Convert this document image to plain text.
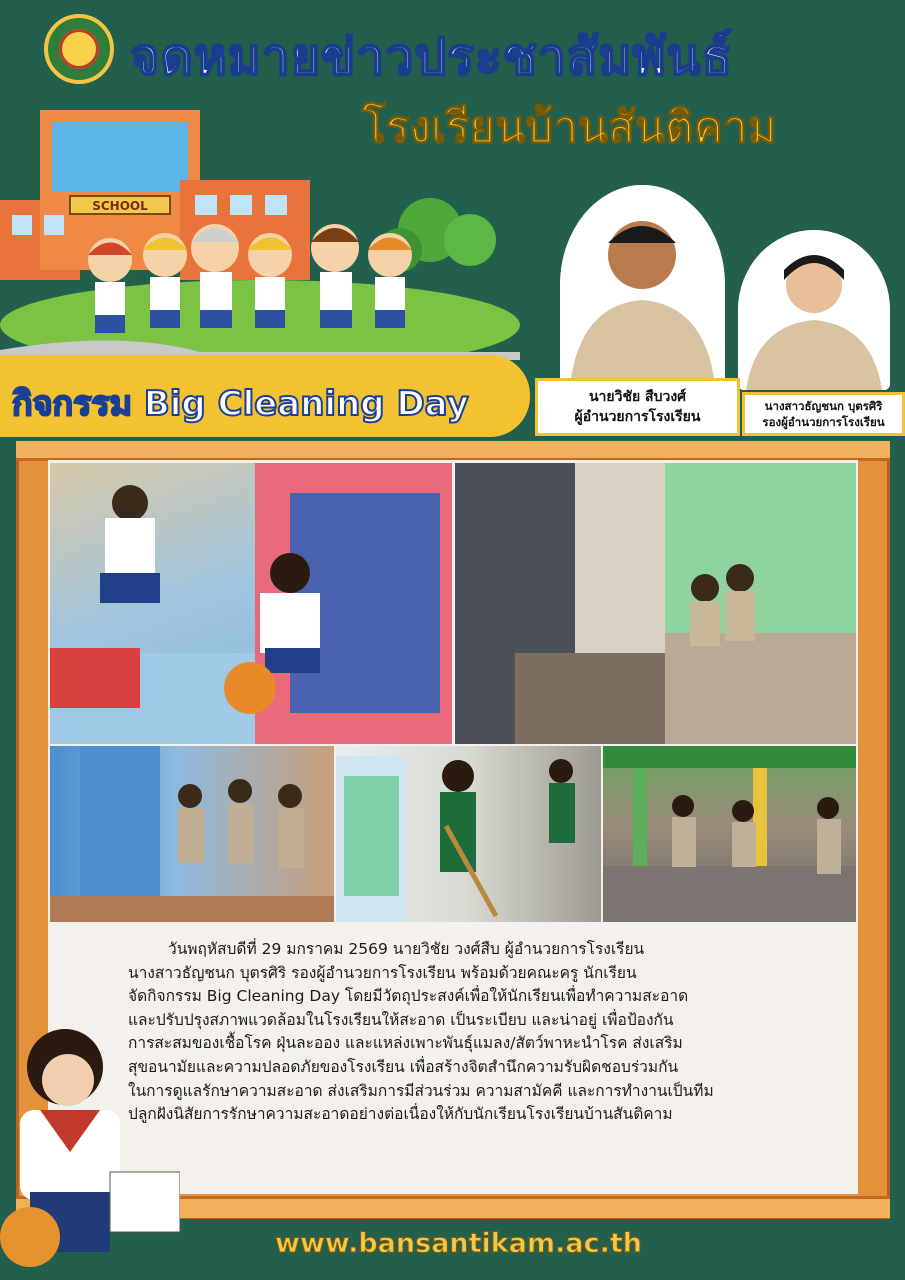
จดหมายข่าวประชาสัมพันธ์
โรงเรียนบ้านสันติคาม
SCHOOL
กิจกรรม Big Cleaning Day	นายวิชัย สืบวงศ์
ผู้อำนวยการโรงเรียน
นางสาวธัญชนก บุตรศิริ
รองผู้อำนวยการโรงเรียน

วันพฤหัสบดีที่ 29 มกราคม 2569 นายวิชัย วงศ์สืบ ผู้อำนวยการโรงเรียน

นางสาวธัญชนก บุตรศิริ รองผู้อำนวยการโรงเรียน พร้อมด้วยคณะครู นักเรียน

จัดกิจกรรม Big Cleaning Day โดยมีวัตถุประสงค์เพื่อให้นักเรียนเพื่อทำความสะอาด

และปรับปรุงสภาพแวดล้อมในโรงเรียนให้สะอาด เป็นระเบียบ และน่าอยู่ เพื่อป้องกัน

การสะสมของเชื้อโรค ฝุ่นละออง และแหล่งเพาะพันธุ์แมลง/สัตว์พาหะนำโรค ส่งเสริม

สุขอนามัยและความปลอดภัยของโรงเรียน เพื่อสร้างจิตสำนึกความรับผิดชอบร่วมกัน

ในการดูแลรักษาความสะอาด ส่งเสริมการมีส่วนร่วม ความสามัคคี และการทำงานเป็นทีม

ปลูกฝังนิสัยการรักษาความสะอาดอย่างต่อเนื่องให้กับนักเรียนโรงเรียนบ้านสันติคาม

www.bansantikam.ac.th
